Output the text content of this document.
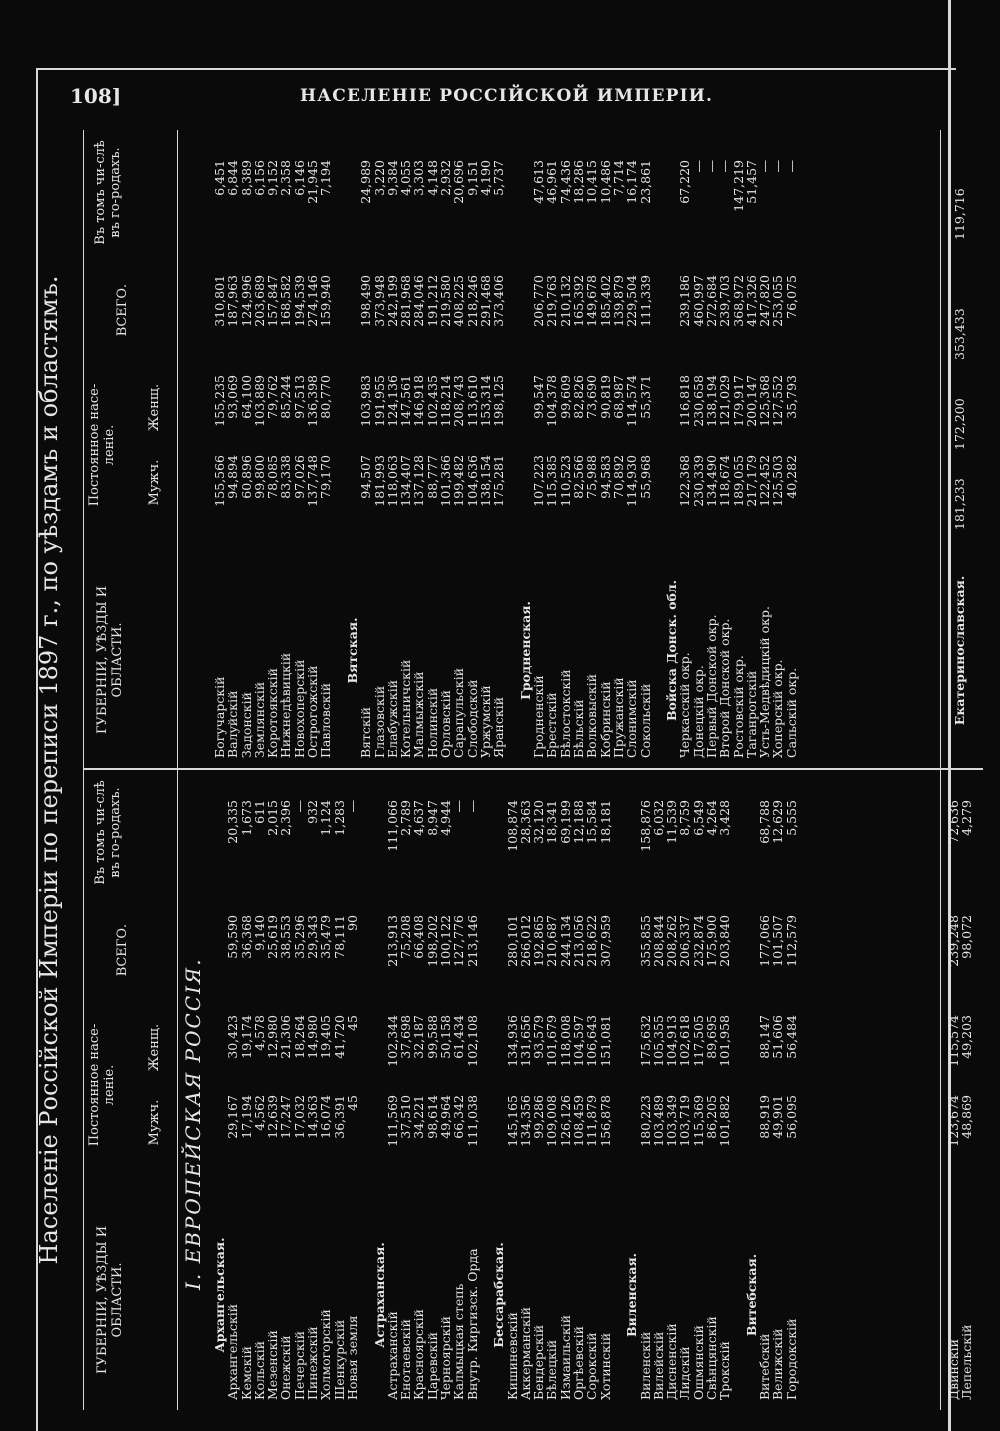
108]	НАСЕЛЕНІЕ РОССІЙСКОЙ ИМПЕРІИ.
Населеніе Россійской Имперіи по переписи 1897 г., по уѣздамъ и областямъ.
ГУБЕРНІИ, УѢЗДЫ И ОБЛАСТИ.
Постоянное насе-леніе.
Мужч.
Женщ.
ВСЕГО.
Въ томъ чи-слѣ въ го-родахъ.
ГУБЕРНІИ, УѢЗДЫ И ОБЛАСТИ.
Постоянное насе-леніе.
Мужч.
Женщ.
ВСЕГО.
Въ томъ чи-слѣ въ го-родахъ.
I. ЕВРОПЕЙСКАЯ РОССІЯ.
Архангельская.
Архангельскій
Кемскій
Кольскій
Мезенскій
Онежскій
Печерскій
Пинежскій
Холмогорскій
Шенкурскій
Новая земля
Астраханская.
Астраханскій
Енотаевскій
Красноярскій
Царевскій
Черноярскій
Калмыцкая степь
Внутр. Киргизск. Орда Бессарабская.
Кишиневскій
Аккерманскій
Бендерскій
Бѣлецкій
Измаильскій
Оргѣевскій
Сорокскій
Хотинскій
Виленская.
Виленскій
Вилейскій
Дисненскій
Лидскій
Ошмянскій
Свѣнцянскій
Трокскій
Витебская.
Витебскій
Велижскій
Городокскій
29,167
17,194
4,562
12,639
17,247
17,032
14,363
16,074
36,391
45 111,569
37,510
34,221
98,614
49,964
66,342
111,038 145,165
134,356
99,286
109,008
126,126
108,459
111,879
156,878 180,223
103,489
103,349
103,719
115,369
86,205
101,882 88,919
49,901
56,095
30,423
19,174
4,578
12,980
21,306
18,264
14,980
19,405
41,720
45 102,344
37,698
32,187
99,588
50,158
61,434
102,108 134,936
131,656
93,579
101,679
118,008
104,597
106,643
151,081 175,632
105,355
104,913
102,618
117,505
89,695
101,958 88,147
51,606
56,484
59,590
36,368
9,140
25,619
38,553
35,296
29,343
35,479
78,111
90 213,913
75,208
66,408
198,202
100,122
127,776
213,146 280,101
266,012
192,865
210,687
244,134
213,056
218,622
307,959 355,855
208,844
208,262
206,337
232,874
175,900
203,840 177,066
101,507
112,579
20,335
1,673
611
2,015
2,396
—
932
1,124
1,283
— 111,066
2,789
4,637
8,947
4,944
—
— 108,874
28,363
32,120
18,341
69,199
12,188
15,584
18,181 158,876
6,032
11,539
8,759
6,549
4,264
3,428 68,788
12,629
5,555
Богучарскій
Валуйскій
Задонскій
Землянскій
Коротоякскій
Нижнедѣвицкій
Новохоперскій
Острогожскій
Павловскій
Вятская.
Вятскій
Глазовскій
Елабужскій
Котельничскій
Малмыжскій
Нолинскій
Орловскій
Сарапульскій
Слободской
Уржумскій
Яранскій
Гродненская.
Гродненскій
Брестскій
Бѣлостокскій
Бѣльскій
Волковыскій
Кобринскій
Пружанскій
Слонимскій
Сокольскій Войска Донск. обл.
Черкасскій окр.
Донецкій окр.
Первый Донской окр.
Второй Донской окр.
Ростовскій окр.
Таганрогскій
Усть-Медвѣдицкій окр.
Хоперскій окр.
Сальскій окр.
155,566
94,894
60,896
99,800
78,085
83,338
97,026
137,748
79,170 94,507
181,993
118,063
134,407
137,128
88,777
101,366
199,482
104,636
138,154
175,281 107,223
115,385
110,523
82,566
75,988
94,583
70,892
114,930
55,968 122,368
230,339
134,490
118,674
189,055
217,179
122,452
125,503
40,282
155,235
93,069
64,100
103,889
79,762
85,244
97,513
136,398
80,770 103,983
191,955
124,136
147,561
146,918
102,435
118,214
208,743
113,610
153,314
198,125 99,547
104,378
99,609
82,826
73,690
90,819
68,987
114,574
55,371 116,818
230,658
138,194
121,029
179,917
200,147
125,368
127,552
35,793
310,801
187,963
124,996
203,689
157,847
168,582
194,539
274,146
159,940 198,490
373,948
242,199
281,968
284,046
191,212
219,580
408,225
218,246
291,468
373,406 206,770
219,763
210,132
165,392
149,678
185,402
139,879
229,504
111,339 239,186
460,997
272,684
239,703
368,972
417,326
247,820
253,055
76,075
6,451
6,844
8,389
6,156
9,152
2,358
6,146
21,945
7,194 24,989
3,220
9,384
4,055
3,303
4,148
2,932
20,696
9,151
4,190
5,737 47,613
46,961
74,436
18,286
10,415
10,486
7,714
16,174
23,861 67,220
—
—
—
147,219
51,457
—
—
—
Двинскій
Лепельскій
123,674
48,869
115,574
49,203
239,248
98,072
72,636
4,279
Екатеринославская.
181,233
172,200
353,433
119,716
